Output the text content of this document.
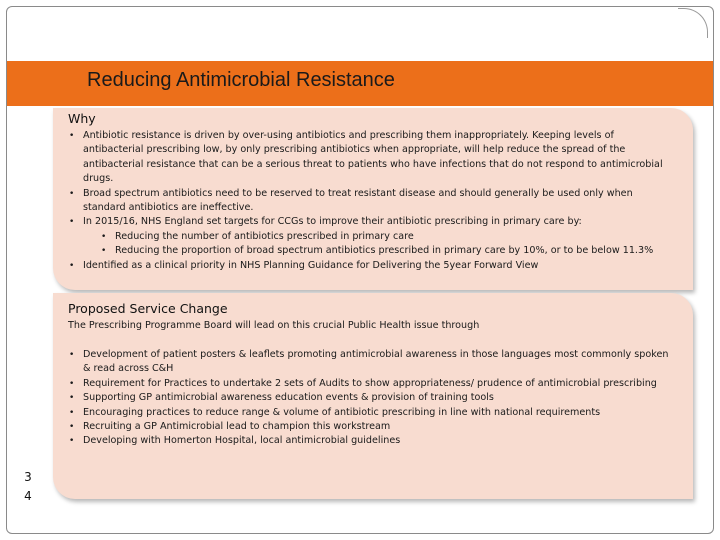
Reducing Antimicrobial Resistance
Why
• Antibiotic resistance is driven by over-using antibiotics and prescribing them inappropriately. Keeping levels of antibacterial prescribing low, by only prescribing antibiotics when appropriate, will help reduce the spread of the antibacterial resistance that can be a serious threat to patients who have infections that do not respond to antimicrobial drugs.
• Broad spectrum antibiotics need to be reserved to treat resistant disease and should generally be used only when standard antibiotics are ineffective.
• In 2015/16, NHS England set targets for CCGs to improve their antibiotic prescribing in primary care by:
• Reducing the number of antibiotics prescribed in primary care
• Reducing the proportion of broad spectrum antibiotics prescribed in primary care by 10%, or to be below 11.3%
• Identified as a clinical priority in NHS Planning Guidance for Delivering the 5year Forward View
Proposed Service Change
The Prescribing Programme Board will lead on this crucial Public Health issue through
• Development of patient posters & leaflets promoting antimicrobial awareness in those languages most commonly spoken & read across C&H
• Requirement for Practices to undertake 2 sets of Audits to show appropriateness/ prudence of antimicrobial prescribing
• Supporting GP antimicrobial awareness education events & provision of training tools
• Encouraging practices to reduce range & volume of antibiotic prescribing in line with national requirements
• Recruiting a GP Antimicrobial lead to champion this workstream
• Developing with Homerton Hospital, local antimicrobial guidelines
3
4
